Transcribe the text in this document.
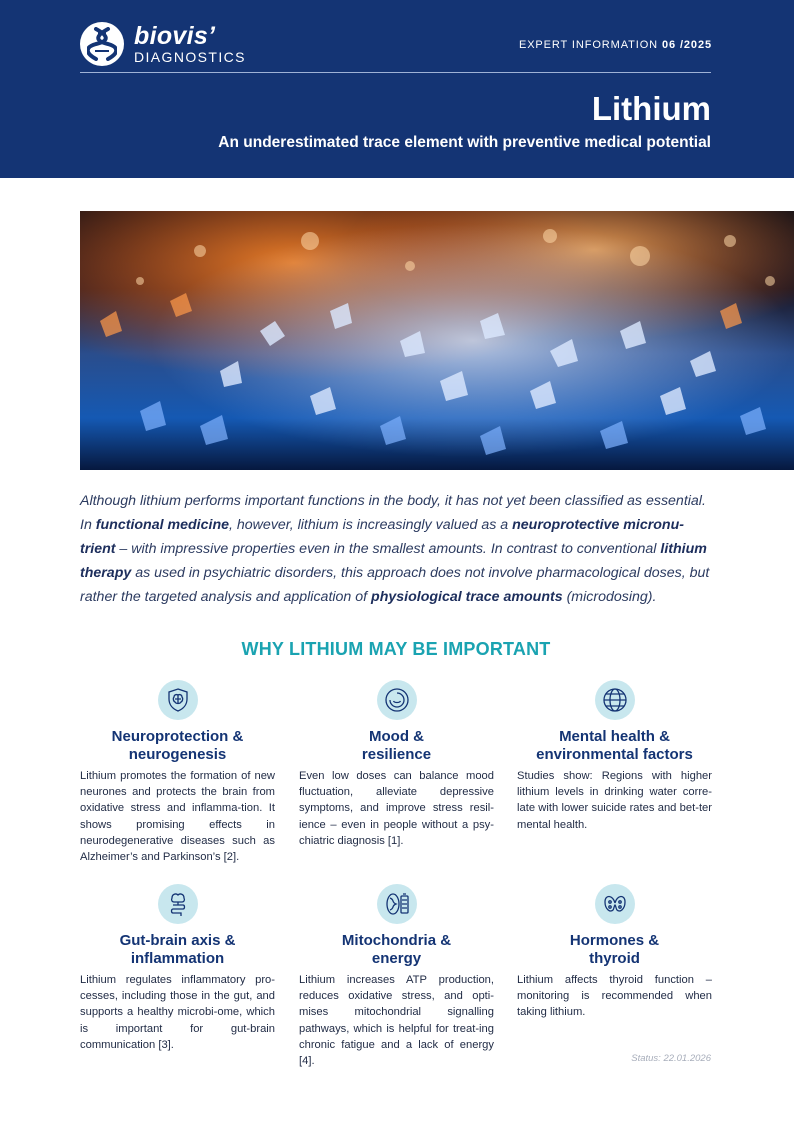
biovis’
DIAGNOSTICS
EXPERT INFORMATION 06 /2025
Lithium
An underestimated trace element with preventive medical potential

Although lithium performs important functions in the body, it has not yet been classified as essential. In functional medicine, however, lithium is increasingly valued as a neuroprotective micronu-trient – with impressive properties even in the smallest amounts. In contrast to conventional lithium therapy as used in psychiatric disorders, this approach does not involve pharmacological doses, but rather the targeted analysis and application of physiological trace amounts (microdosing).

WHY LITHIUM MAY BE IMPORTANT
Neuroprotection &
neurogenesis
Lithium promotes the formation of new neurones and protects the brain from oxidative stress and inflamma-tion. It shows promising effects in neurodegenerative diseases such as Alzheimer’s and Parkinson’s [2].
Mood &
resilience
Even low doses can balance mood fluctuation, alleviate depressive symptoms, and improve stress resil-ience – even in people without a psy-chiatric diagnosis [1].
Mental health &
environmental factors
Studies show: Regions with higher lithium levels in drinking water corre-late with lower suicide rates and bet-ter mental health.
Gut-brain axis &
inflammation
Lithium regulates inflammatory pro-cesses, including those in the gut, and supports a healthy microbi-ome, which is important for gut-brain communication [3].
Mitochondria &
energy
Lithium increases ATP production, reduces oxidative stress, and opti-mises mitochondrial signalling pathways, which is helpful for treat-ing chronic fatigue and a lack of energy [4].
Hormones &
thyroid
Lithium affects thyroid function – monitoring is recommended when taking lithium.
Status: 22.01.2026
